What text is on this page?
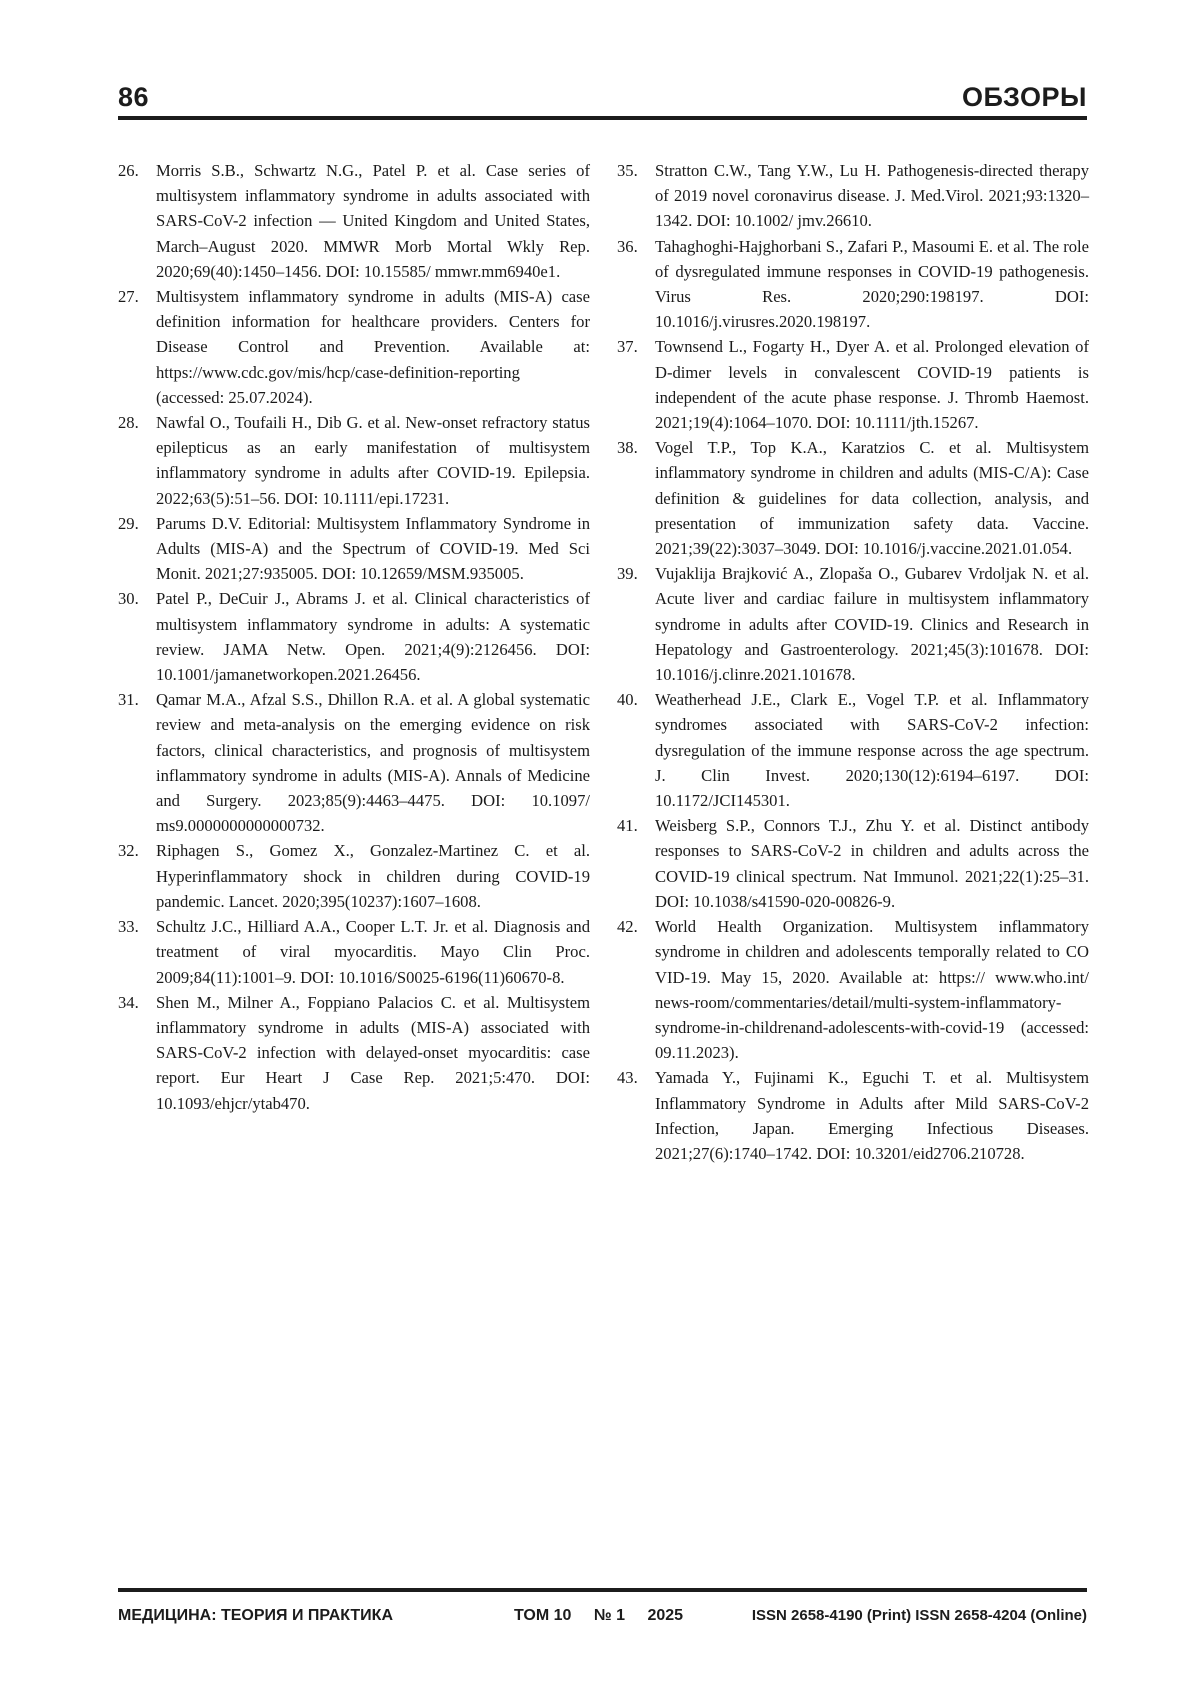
86	ОБЗОРЫ
26.	Morris S.B., Schwartz N.G., Patel P. et al. Case series of multisystem inflammatory syndrome in adults associated with SARS-CoV-2 infection — United Kingdom and United States, March–August 2020. MMWR Morb Mortal Wkly Rep. 2020;69(40):1450–1456. DOI: 10.15585/ mmwr.mm6940e1.
27.	Multisystem inflammatory syndrome in adults (MIS-A) case definition information for healthcare providers. Centers for Disease Control and Prevention. Available at: https://www.cdc.gov/mis/hcp/case-definition-reporting (accessed: 25.07.2024).
28.	Nawfal O., Toufaili H., Dib G. et al. New-onset refractory status epilepticus as an early manifestation of multisystem inflammatory syndrome in adults after COVID-19. Epilepsia. 2022;63(5):51–56. DOI: 10.1111/epi.17231.
29.	Parums D.V. Editorial: Multisystem Inflammatory Syndrome in Adults (MIS-A) and the Spectrum of COVID-19. Med Sci Monit. 2021;27:935005. DOI: 10.12659/MSM.935005.
30.	Patel P., DeCuir J., Abrams J. et al. Clinical characteristics of multisystem inflammatory syndrome in adults: A systematic review. JAMA Netw. Open. 2021;4(9):2126456. DOI: 10.1001/jamanetworkopen.2021.26456.
31.	Qamar M.A., Afzal S.S., Dhillon R.A. et al. A global systematic review and meta-analysis on the emerging evidence on risk factors, clinical characteristics, and prognosis of multisystem inflammatory syndrome in adults (MIS-A). Annals of Medicine and Surgery. 2023;85(9):4463–4475. DOI: 10.1097/ ms9.0000000000000732.
32.	Riphagen S., Gomez X., Gonzalez-Martinez C. et al. Hyperinflammatory shock in children during COVID-19 pandemic. Lancet. 2020;395(10237):1607–1608.
33.	Schultz J.C., Hilliard A.A., Cooper L.T. Jr. et al. Diagnosis and treatment of viral myocarditis. Mayo Clin Proc. 2009;84(11):1001–9. DOI: 10.1016/S0025-6196(11)60670-8.
34.	Shen M., Milner A., Foppiano Palacios C. et al. Multisystem inflammatory syndrome in adults (MIS-A) associated with SARS-CoV-2 infection with delayed-onset myocarditis: case report. Eur Heart J Case Rep. 2021;5:470. DOI: 10.1093/ehjcr/ytab470.
35.	Stratton C.W., Tang Y.W., Lu H. Pathogenesis-directed therapy of 2019 novel coronavirus disease. J. Med.Virol. 2021;93:1320–1342. DOI: 10.1002/ jmv.26610.
36.	Tahaghoghi-Hajghorbani S., Zafari P., Masoumi E. et al. The role of dysregulated immune responses in COVID-19 pathogenesis. Virus Res. 2020;290:198197. DOI: 10.1016/j.virusres.2020.198197.
37.	Townsend L., Fogarty H., Dyer A. et al. Prolonged elevation of D-dimer levels in convalescent COVID-19 patients is independent of the acute phase response. J. Thromb Haemost. 2021;19(4):1064–1070. DOI: 10.1111/jth.15267.
38.	Vogel T.P., Top K.A., Karatzios C. et al. Multisystem inflammatory syndrome in children and adults (MIS-C/A): Case definition & guidelines for data collection, analysis, and presentation of immunization safety data. Vaccine. 2021;39(22):3037–3049. DOI: 10.1016/j.vaccine.2021.01.054.
39.	Vujaklija Brajković A., Zlopaša O., Gubarev Vrdoljak N. et al. Acute liver and cardiac failure in multisystem inflammatory syndrome in adults after COVID-19. Clinics and Research in Hepatology and Gastroenterology. 2021;45(3):101678. DOI: 10.1016/j.clinre.2021.101678.
40.	Weatherhead J.E., Clark E., Vogel T.P. et al. Inflammatory syndromes associated with SARS-CoV-2 infection: dysregulation of the immune response across the age spectrum. J. Clin Invest. 2020;130(12):6194–6197. DOI: 10.1172/JCI145301.
41.	Weisberg S.P., Connors T.J., Zhu Y. et al. Distinct antibody responses to SARS-CoV-2 in children and adults across the COVID-19 clinical spectrum. Nat Immunol. 2021;22(1):25–31. DOI: 10.1038/s41590-020-00826-9.
42.	World Health Organization. Multisystem inflammatory syndrome in children and adolescents temporally related to CO VID-19. May 15, 2020. Available at: https:// www.who.int/ news-room/commentaries/detail/multi-system-inflammatory-syndrome-in-childrenand-adolescents-with-covid-19 (accessed: 09.11.2023).
43.	Yamada Y., Fujinami K., Eguchi T. et al. Multisystem Inflammatory Syndrome in Adults after Mild SARS-CoV-2 Infection, Japan. Emerging Infectious Diseases. 2021;27(6):1740–1742. DOI: 10.3201/eid2706.210728.
МЕДИЦИНА: ТЕОРИЯ И ПРАКТИКА	ТОМ 10 № 1 2025	ISSN 2658-4190 (Print) ISSN 2658-4204 (Online)
